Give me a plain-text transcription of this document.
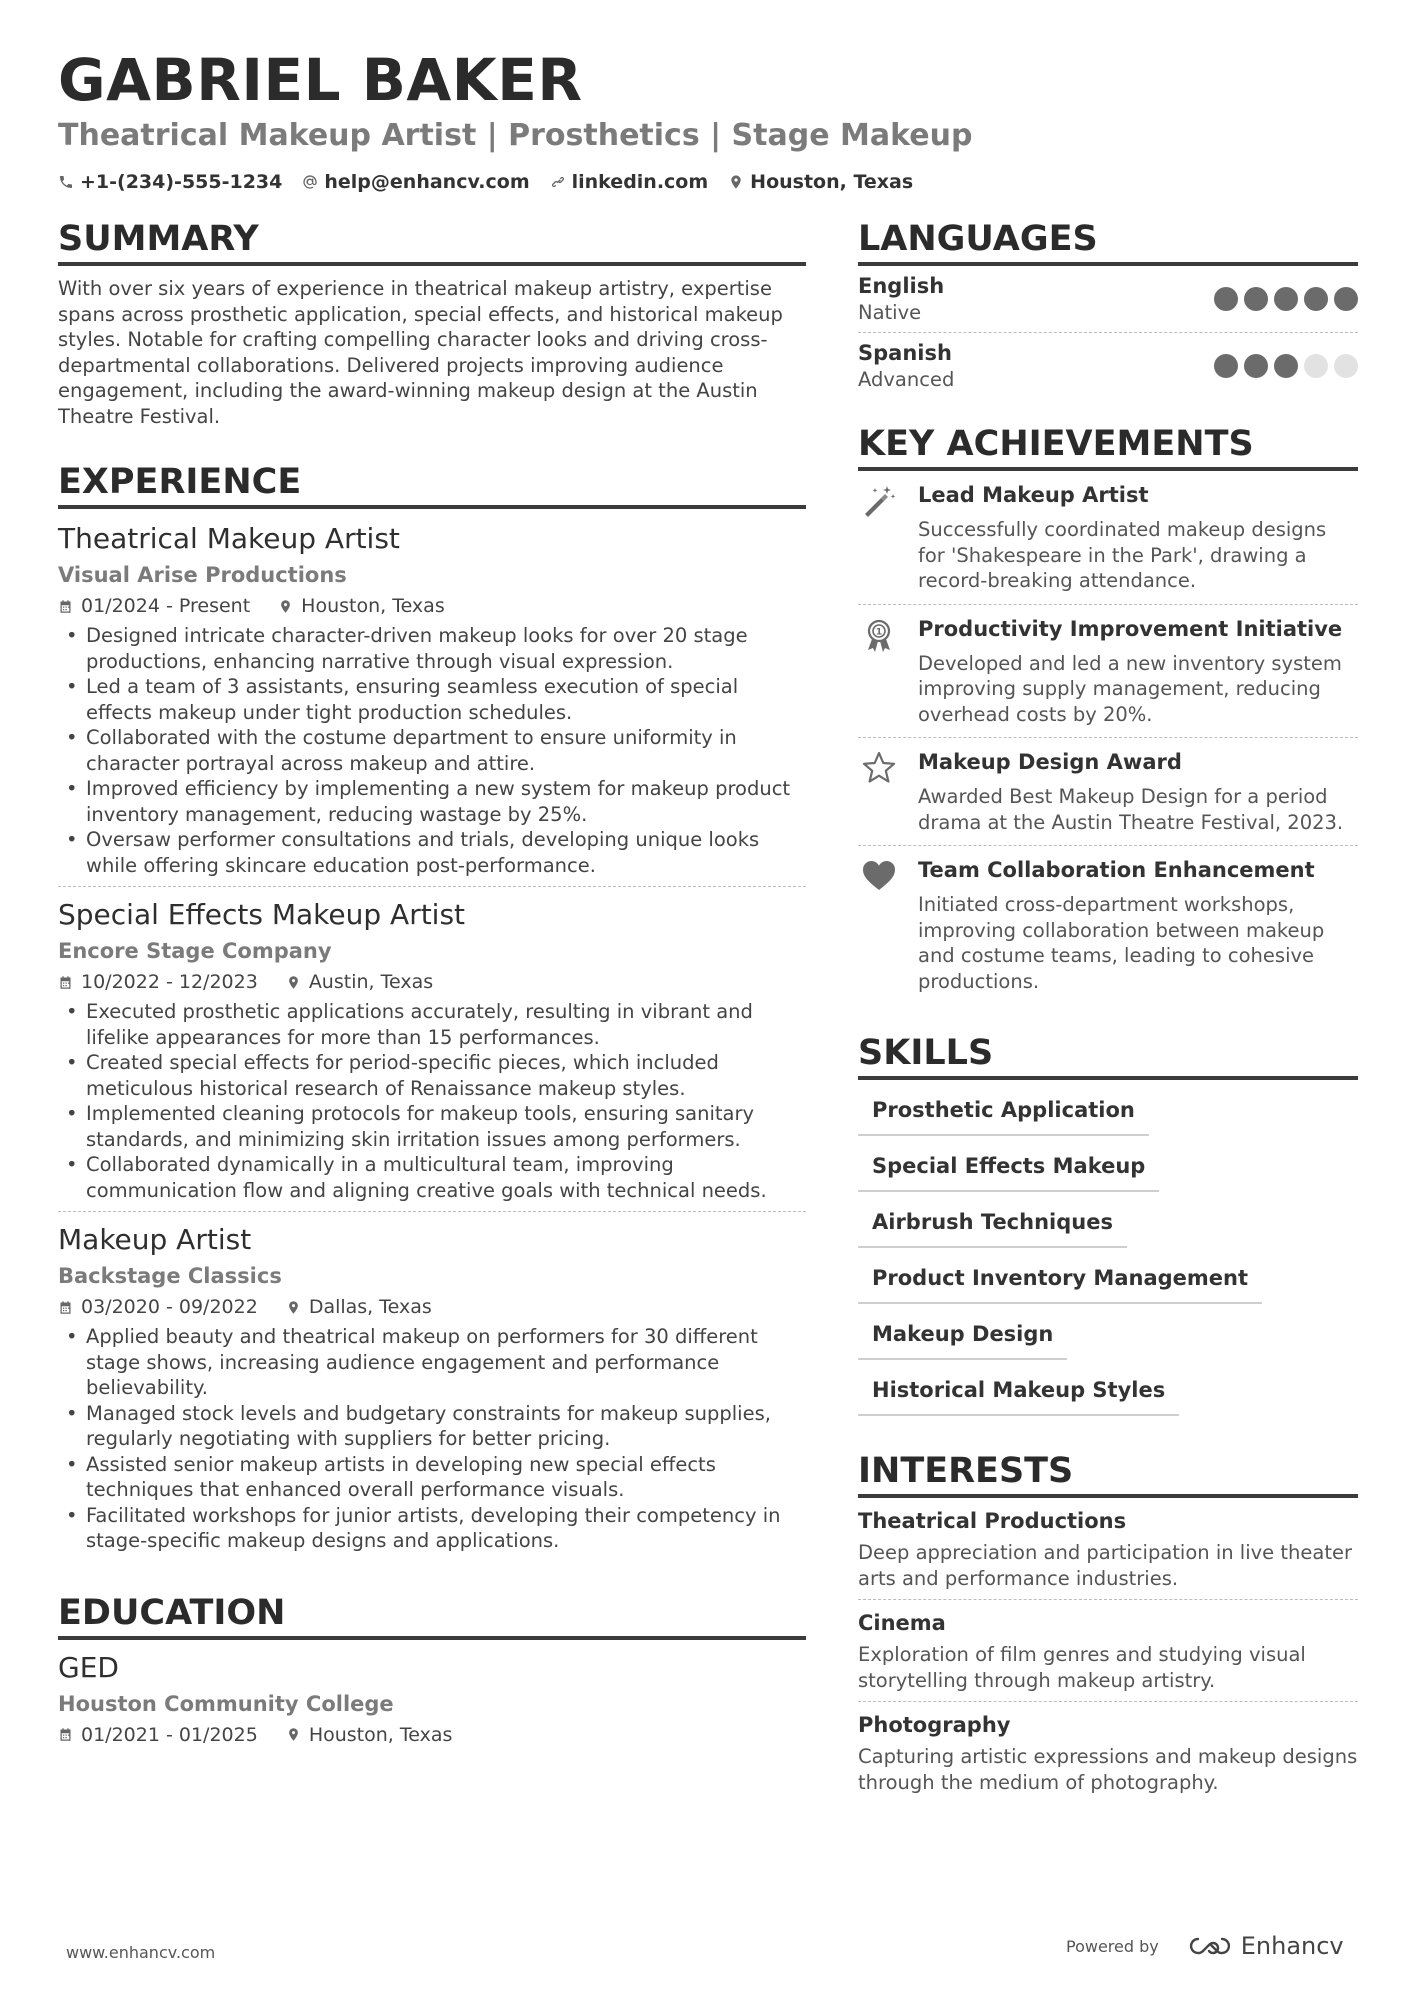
GABRIEL BAKER
Theatrical Makeup Artist | Prosthetics | Stage Makeup
+1-(234)-555-1234 help@enhancv.com linkedin.com Houston, Texas
SUMMARY

With over six years of experience in theatrical makeup artistry, expertise spans across prosthetic application, special effects, and historical makeup styles. Notable for crafting compelling character looks and driving cross-departmental collaborations. Delivered projects improving audience engagement, including the award-winning makeup design at the Austin Theatre Festival.

EXPERIENCE
Theatrical Makeup Artist
Visual Arise Productions
01/2024 - Present	Houston, Texas
• Designed intricate character-driven makeup looks for over 20 stage productions, enhancing narrative through visual expression.
• Led a team of 3 assistants, ensuring seamless execution of special effects makeup under tight production schedules.
• Collaborated with the costume department to ensure uniformity in character portrayal across makeup and attire.
• Improved efficiency by implementing a new system for makeup product inventory management, reducing wastage by 25%.
• Oversaw performer consultations and trials, developing unique looks while offering skincare education post-performance.
Special Effects Makeup Artist
Encore Stage Company
10/2022 - 12/2023	Austin, Texas
• Executed prosthetic applications accurately, resulting in vibrant and lifelike appearances for more than 15 performances.
• Created special effects for period-specific pieces, which included meticulous historical research of Renaissance makeup styles.
• Implemented cleaning protocols for makeup tools, ensuring sanitary standards, and minimizing skin irritation issues among performers.
• Collaborated dynamically in a multicultural team, improving communication flow and aligning creative goals with technical needs.
Makeup Artist
Backstage Classics
03/2020 - 09/2022	Dallas, Texas
• Applied beauty and theatrical makeup on performers for 30 different stage shows, increasing audience engagement and performance believability.
• Managed stock levels and budgetary constraints for makeup supplies, regularly negotiating with suppliers for better pricing.
• Assisted senior makeup artists in developing new special effects techniques that enhanced overall performance visuals.
• Facilitated workshops for junior artists, developing their competency in stage-specific makeup designs and applications.
EDUCATION
GED
Houston Community College
01/2021 - 01/2025	Houston, Texas
LANGUAGES
English
Native
Spanish
Advanced
KEY ACHIEVEMENTS
Lead Makeup Artist
Successfully coordinated makeup designs for 'Shakespeare in the Park', drawing a record-breaking attendance.
1 Productivity Improvement Initiative
Developed and led a new inventory system improving supply management, reducing overhead costs by 20%.
Makeup Design Award
Awarded Best Makeup Design for a period drama at the Austin Theatre Festival, 2023.
Team Collaboration Enhancement
Initiated cross-department workshops, improving collaboration between makeup and costume teams, leading to cohesive productions.
SKILLS
Prosthetic Application
Special Effects Makeup
Airbrush Techniques
Product Inventory Management
Makeup Design
Historical Makeup Styles
INTERESTS
Theatrical Productions
Deep appreciation and participation in live theater arts and performance industries.
Cinema
Exploration of film genres and studying visual storytelling through makeup artistry.
Photography
Capturing artistic expressions and makeup designs through the medium of photography.
www.enhancv.com	Powered by	Enhancv
